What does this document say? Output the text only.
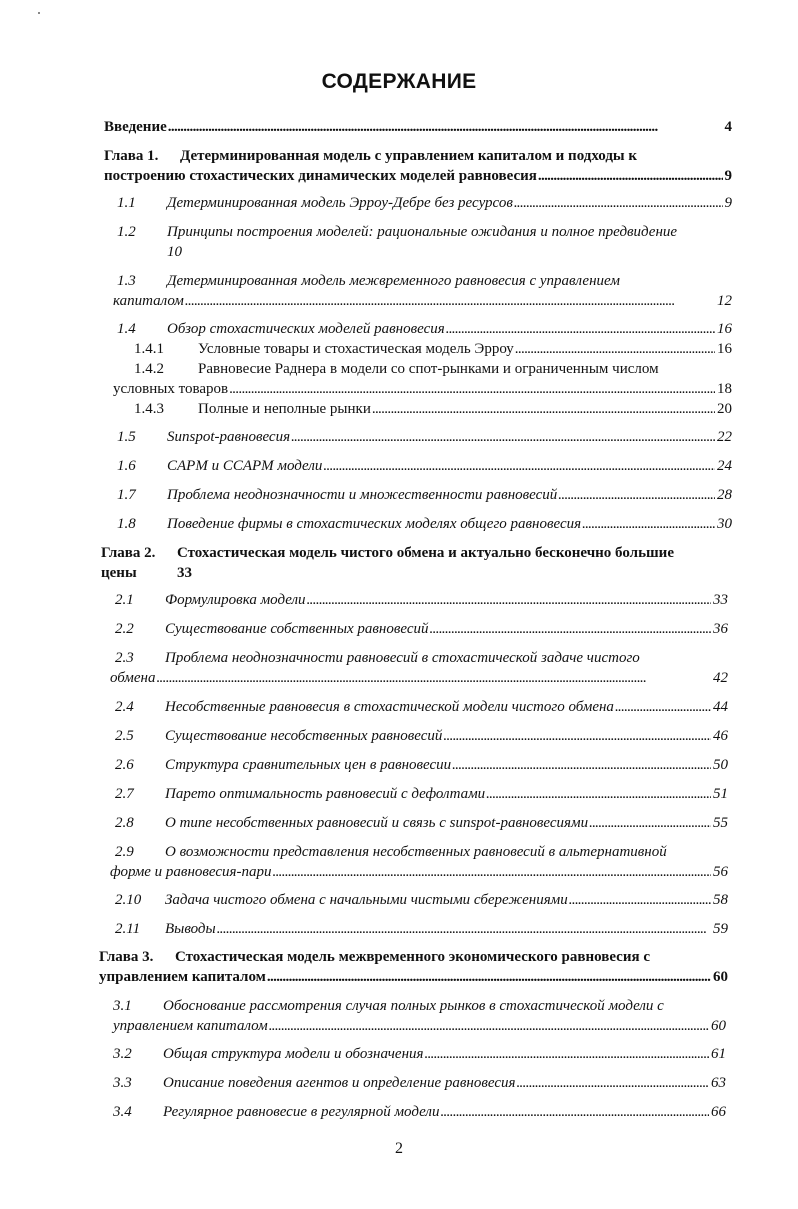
СОДЕРЖАНИЕ
Введение . . .	4
Глава 1. Детерминированная модель с управлением капиталом и подходы к
построению стохастических динамических моделей равновесия . . .	9
1.1	Детерминированная модель Эрроу-Дебре без ресурсов . . .	9
1.2 Принципы построения моделей: рациональные ожидания и полное предвидение
10
1.3 Детерминированная модель межвременного равновесия с управлением
капиталом . . .	12
1.4	Обзор стохастических моделей равновесия . . .	16
1.4.1	Условные товары и стохастическая модель Эрроу . . .	16
1.4.2 Равновесие Раднера в модели со спот-рынками и ограниченным числом
условных товаров . . .	18
1.4.3	Полные и неполные рынки . . .	20
1.5	Sunspot-равновесия . . .	22
1.6	CAPM и CCAPM модели . . .	24
1.7	Проблема неоднозначности и множественности равновесий . . .	28
1.8	Поведение фирмы в стохастических моделях общего равновесия . . .	30
Глава 2. Стохастическая модель чистого обмена и актуально бесконечно большие
цены	33
2.1	Формулировка модели . . .	33
2.2	Существование собственных равновесий . . .	36
2.3 Проблема неоднозначности равновесий в стохастической задаче чистого
обмена . . .	42
2.4	Несобственные равновесия в стохастической модели чистого обмена . . .	44
2.5	Существование несобственных равновесий . . .	46
2.6	Структура сравнительных цен в равновесии . . .	50
2.7	Парето оптимальность равновесий с дефолтами . . .	51
2.8	О типе несобственных равновесий и связь с sunspot-равновесиями . . .	55
2.9 О возможности представления несобственных равновесий в альтернативной
форме и равновесия-пари . . .	56
2.10	Задача чистого обмена с начальными чистыми сбережениями . . .	58
2.11	Выводы . . .	59
Глава 3. Стохастическая модель межвременного экономического равновесия с
управлением капиталом . . .	60
3.1 Обоснование рассмотрения случая полных рынков в стохастической модели с
управлением капиталом . . .	60
3.2	Общая структура модели и обозначения . . .	61
3.3	Описание поведения агентов и определение равновесия . . .	63
3.4	Регулярное равновесие в регулярной модели . . .	66
2
